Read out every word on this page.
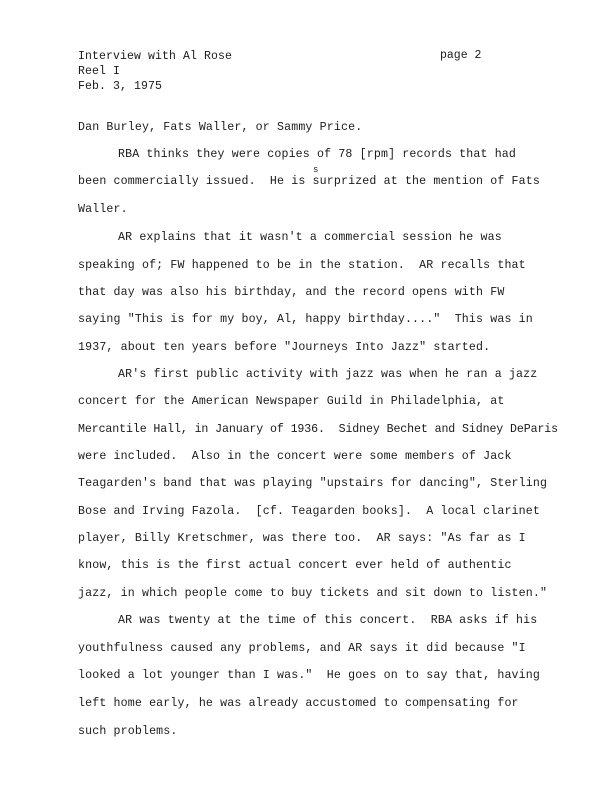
Interview with Al Rose	page 2
Reel I
Feb. 3, 1975
Dan Burley, Fats Waller, or Sammy Price.
RBA thinks they were copies of 78 [rpm] records that had
been commercially issued.  He is surprized at the mention of Fats
s
Waller.
AR explains that it wasn't a commercial session he was
speaking of; FW happened to be in the station.  AR recalls that
that day was also his birthday, and the record opens with FW
saying "This is for my boy, Al, happy birthday...."  This was in
1937, about ten years before "Journeys Into Jazz" started.
AR's first public activity with jazz was when he ran a jazz
concert for the American Newspaper Guild in Philadelphia, at
Mercantile Hall, in January of 1936.  Sidney Bechet and Sidney DeParis
were included.  Also in the concert were some members of Jack
Teagarden's band that was playing "upstairs for dancing", Sterling
Bose and Irving Fazola.  [cf. Teagarden books].  A local clarinet
player, Billy Kretschmer, was there too.  AR says: "As far as I
know, this is the first actual concert ever held of authentic
jazz, in which people come to buy tickets and sit down to listen."
AR was twenty at the time of this concert.  RBA asks if his
youthfulness caused any problems, and AR says it did because "I
looked a lot younger than I was."  He goes on to say that, having
left home early, he was already accustomed to compensating for
such problems.
